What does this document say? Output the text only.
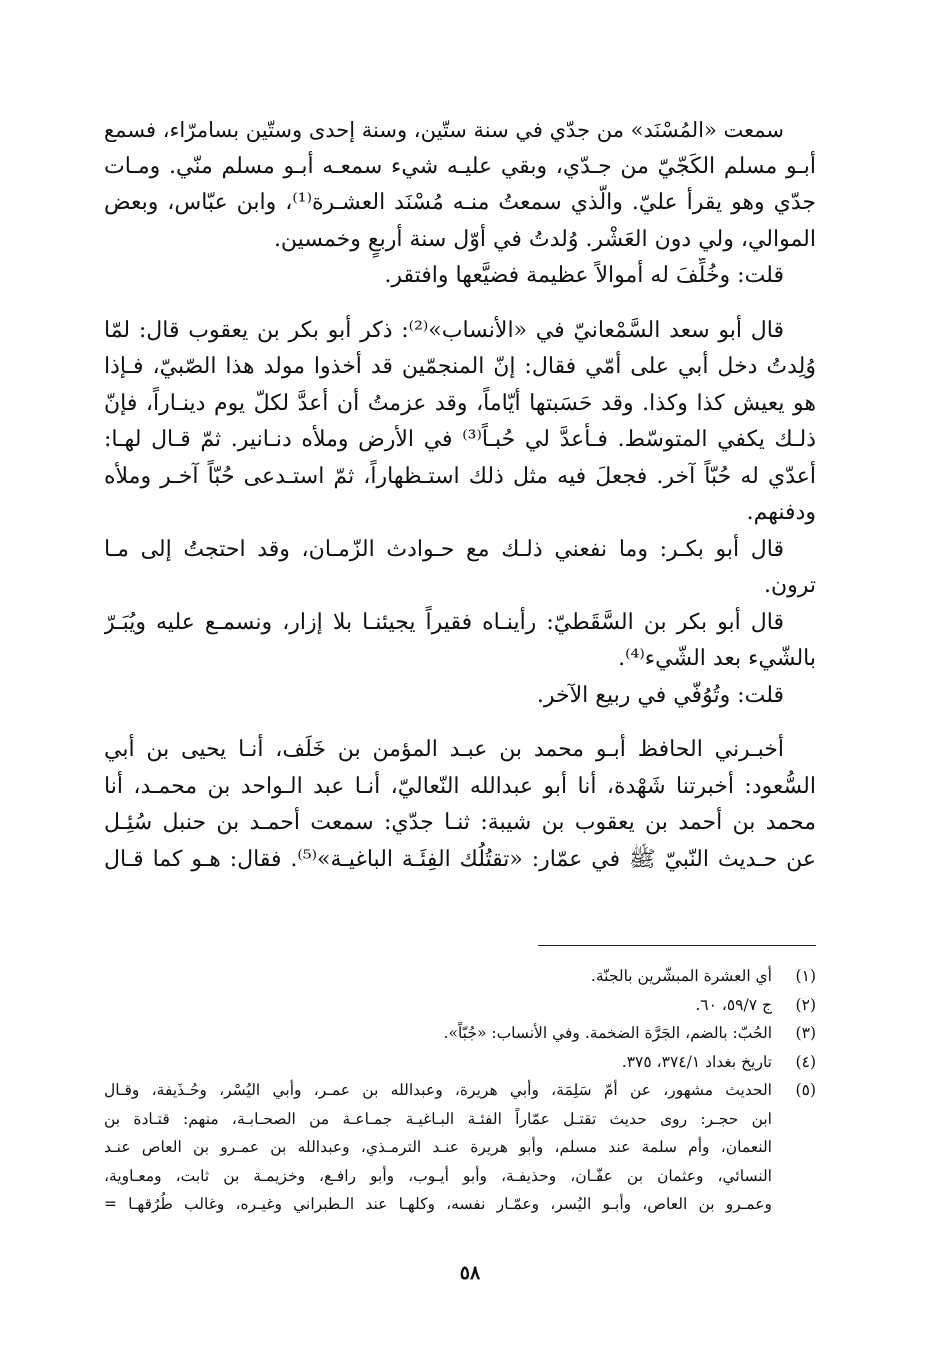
سمعت «المُسْنَد» من جدّي في سنة ستّين، وسنة إحدى وستّين بسامرّاء، فسمع
أبـو مسلم الكَجّيّ من جـدّي، وبقي عليـه شيء سمعـه أبـو مسلم منّي. ومـات
جدّي وهو يقرأ عليّ. والّذي سمعتُ منـه مُسْنَد العشـرة⁽¹⁾، وابن عبّاس، وبعض
الموالي، ولي دون العَشْر. وُلدتُ في أوّل سنة أربعٍ وخمسين.
قلت: وخُلِّفَ له أموالاً عظيمة فضيَّعها وافتقر.
قال أبو سعد السَّمْعانيّ في «الأنساب»⁽²⁾: ذكر أبو بكر بن يعقوب قال: لمّا
وُلِدتُ دخل أبي على أمّي فقال: إنّ المنجمّين قد أخذوا مولد هذا الصّبيّ، فـإذا
هو يعيش كذا وكذا. وقد حَسَبتها أيّاماً، وقد عزمتُ أن أعدَّ لكلّ يوم دينـاراً، فإنّ
ذلـك يكفي المتوسّط. فـأعدَّ لي حُبـاً⁽³⁾ في الأرض وملأه دنـانير. ثمّ قـال لهـا:
أعدّي له حُبّاً آخر. فجعلَ فيه مثل ذلك استـظهاراً، ثمّ استـدعى حُبّاً آخـر وملأه
ودفنهم.
قال أبو بكـر: وما نفعني ذلـك مع حـوادث الزّمـان، وقد احتجتُ إلى مـا
ترون.
قال أبو بكر بن السَّقَطيّ: رأينـاه فقيراً يجيئنـا بلا إزار، ونسمـع عليه ويُبَـرّ
بالشّيء بعد الشّيء⁽⁴⁾.
قلت: وتُوُفّي في ربيع الآخر.
أخبـرني الحافظ أبـو محمد بن عبـد المؤمن بن خَلَف، أنـا يحيى بن أبي
السُّعود: أخبرتنا شَهْدة، أنا أبو عبدالله النّعاليّ، أنـا عبد الـواحد بن محمـد، أنا
محمد بن أحمد بن يعقوب بن شيبة: ثنـا جدّي: سمعت أحمـد بن حنبل سُئِـل
عن حـديث النّبيّ ﷺ في عمّار: «تقتُلُك الفِئَـة الباغيـة»⁽⁵⁾. فقال: هـو كما قـال
(١)
أي العشرة المبشّرين بالجنّة.
(٢)
ج ٥٩/٧، ٦٠.
(٣)
الحُبّ: بالضم، الجَرَّة الضخمة. وفي الأنساب: «جُبّاً».
(٤)
تاريخ بغداد ٣٧٤/١، ٣٧٥.
(٥)
الحديث مشهور، عن أمّ سَلِمَة، وأبي هريرة، وعبدالله بن عمـر، وأبي اليُسْر، وحُـذَيفة، وقـال
ابن حجـر: روى حديث تقتـل عمّاراً الفئـة البـاغيـة جمـاعـة من الصحـابـة، منهم: قتـادة بن
النعمان، وأم سلمة عند مسلم، وأبو هريرة عنـد الترمـذي، وعبدالله بن عمـرو بن العاص عنـد
النسائي، وعثمان بن عفّـان، وحذيفـة، وأبو أيـوب، وأبو رافـع، وخزيمـة بن ثابت، ومعـاوية،
وعمـرو بن العاص، وأبـو اليُسر، وعمّـار نفسه، وكلهـا عند الـطبراني وغيـره، وغالب طُرُقهـا =
٥٨
